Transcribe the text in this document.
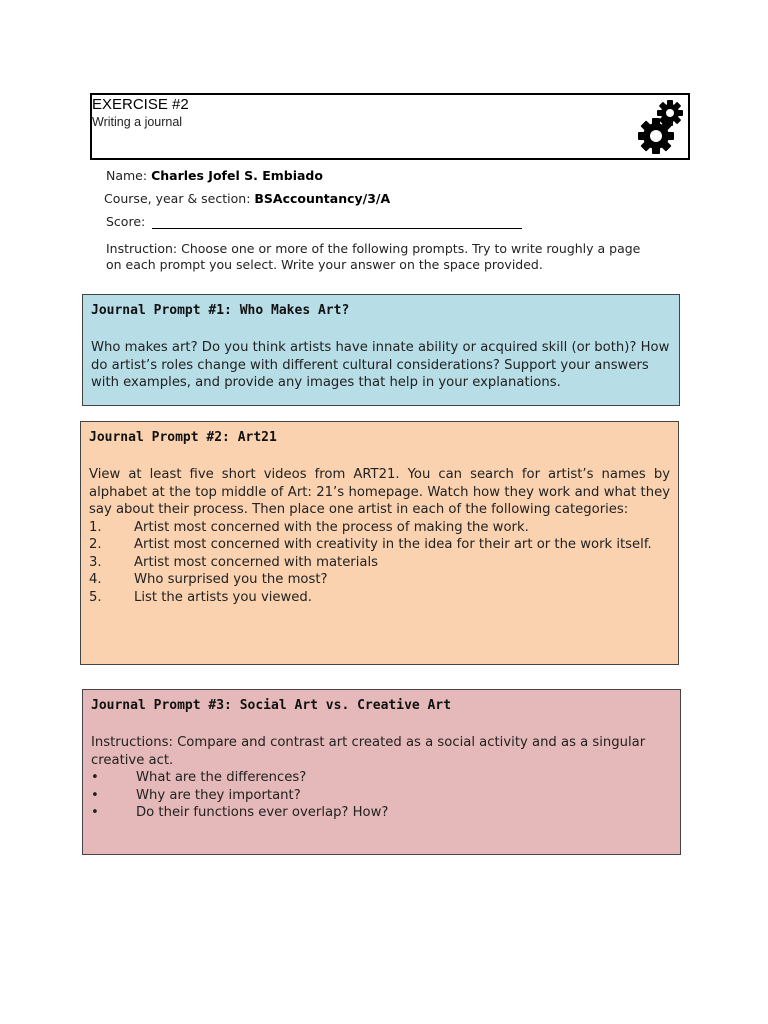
EXERCISE #2
Writing a journal
Name: Charles Jofel S. Embiado
Course, year & section: BSAccountancy/3/A
Score:
Instruction: Choose one or more of the following prompts. Try to write roughly a page on each prompt you select. Write your answer on the space provided.
Journal Prompt #1: Who Makes Art?
Who makes art? Do you think artists have innate ability or acquired skill (or both)? How do artist’s roles change with different cultural considerations? Support your answers with examples, and provide any images that help in your explanations.
Journal Prompt #2: Art21
View at least five short videos from ART21. You can search for artist’s names by alphabet at the top middle of Art: 21’s homepage. Watch how they work and what they say about their process. Then place one artist in each of the following categories:
1.	Artist most concerned with the process of making the work.
2.	Artist most concerned with creativity in the idea for their art or the work itself.
3.	Artist most concerned with materials
4.	Who surprised you the most?
5.	List the artists you viewed.
Journal Prompt #3: Social Art vs. Creative Art
Instructions: Compare and contrast art created as a social activity and as a singular creative act.
•	What are the differences?
•	Why are they important?
•	Do their functions ever overlap? How?
